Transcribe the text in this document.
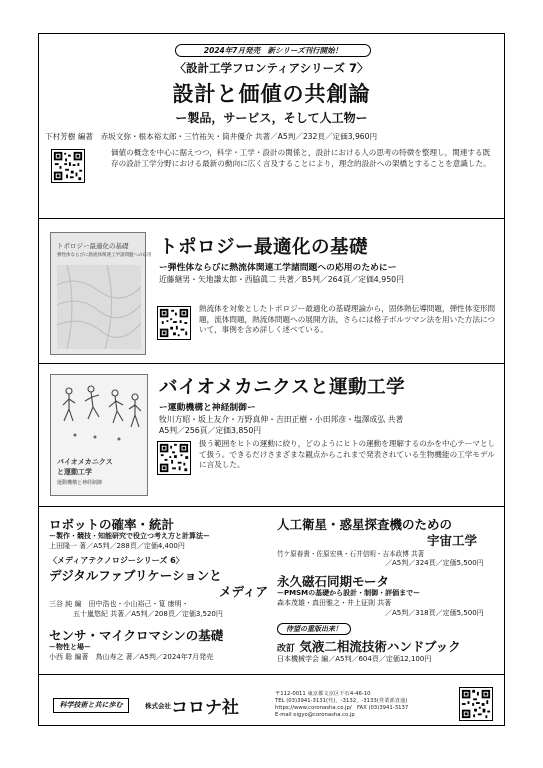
2024年7月発売　新シリーズ刊行開始！
〈設計工学フロンティアシリーズ 7〉
設計と価値の共創論
ー製品，サービス，そして人工物ー
下村芳樹 編著　赤坂文弥・根本裕太郎・三竹祐矢・筒井優介 共著／A5判／232頁／定価3,960円
価値の概念を中心に据えつつ，科学・工学・設計の関係と，設計における人の思考の特徴を整理し，関連する既存の設計工学分野における最新の動向に広く言及することにより，理念的設計への架橋とすることを意識した。
トポロジー最適化の基礎
弾性体ならびに熱流体関連工学諸問題への応用 トポロジー最適化の基礎
ー弾性体ならびに熱流体関連工学諸問題への応用のためにー
近藤継男・矢地謙太郎・西脇眞二 共著／B5判／264頁／定価4,950円
熱流体を対象としたトポロジー最適化の基礎理論から，固体熱伝導問題，弾性体変形問題，流体問題，熱流体問題への展開方法，さらには格子ボルツマン法を用いた方法について，事例を含め詳しく述べている。
バイオメカニクス
と運動工学
運動機構と神経制御
バイオメカニクスと運動工学
ー運動機構と神経制御ー
牧川方昭・坂上友介・万野真伸・吉田正樹・小田邦彦・塩澤成弘 共著
A5判／256頁／定価3,850円
扱う範囲をヒトの運動に絞り，どのようにヒトの運動を理解するのかを中心テーマとして扱う。できるだけさまざまな観点からこれまで発表されている生物機能の工学モデルに言及した。
ロボットの確率・統計
ー製作・競技・知能研究で役立つ考え方と計算法ー
上田隆一 著／A5判／288頁／定価4,400円
〈メディアテクノロジーシリーズ 6〉
デジタルファブリケーションと
メディア
三谷 純 編　田中浩也・小山裕己・筧 康明・
五十嵐悠紀 共著／A5判／208頁／定価3,520円
センサ・マイクロマシンの基礎
ー物性と場ー
小西 聡 編著　鳥山寿之 著／A5判／2024年7月発売
人工衛星・惑星探査機のための
宇宙工学
竹ケ原春貴・佐原宏典・石井信明・吉本政博 共著
／A5判／324頁／定価5,500円
永久磁石同期モータ
ーPMSMの基礎から設計・制御・評価までー
森本茂雄・真田雅之・井上征則 共著
／A5判／318頁／定価5,500円
待望の重版出来！
改訂 気液二相流技術ハンドブック
日本機械学会 編／A5判／604頁／定価12,100円
科学技術と共に歩む	株式会社コロナ社
〒112-0011 東京都文京区千石4-46-10
TEL (03)3941-3131(代)，-3132，-3133(営業部直通)
https://www.coronasha.co.jp/　FAX (03)3941-3137
E-mail eigyo@coronasha.co.jp
